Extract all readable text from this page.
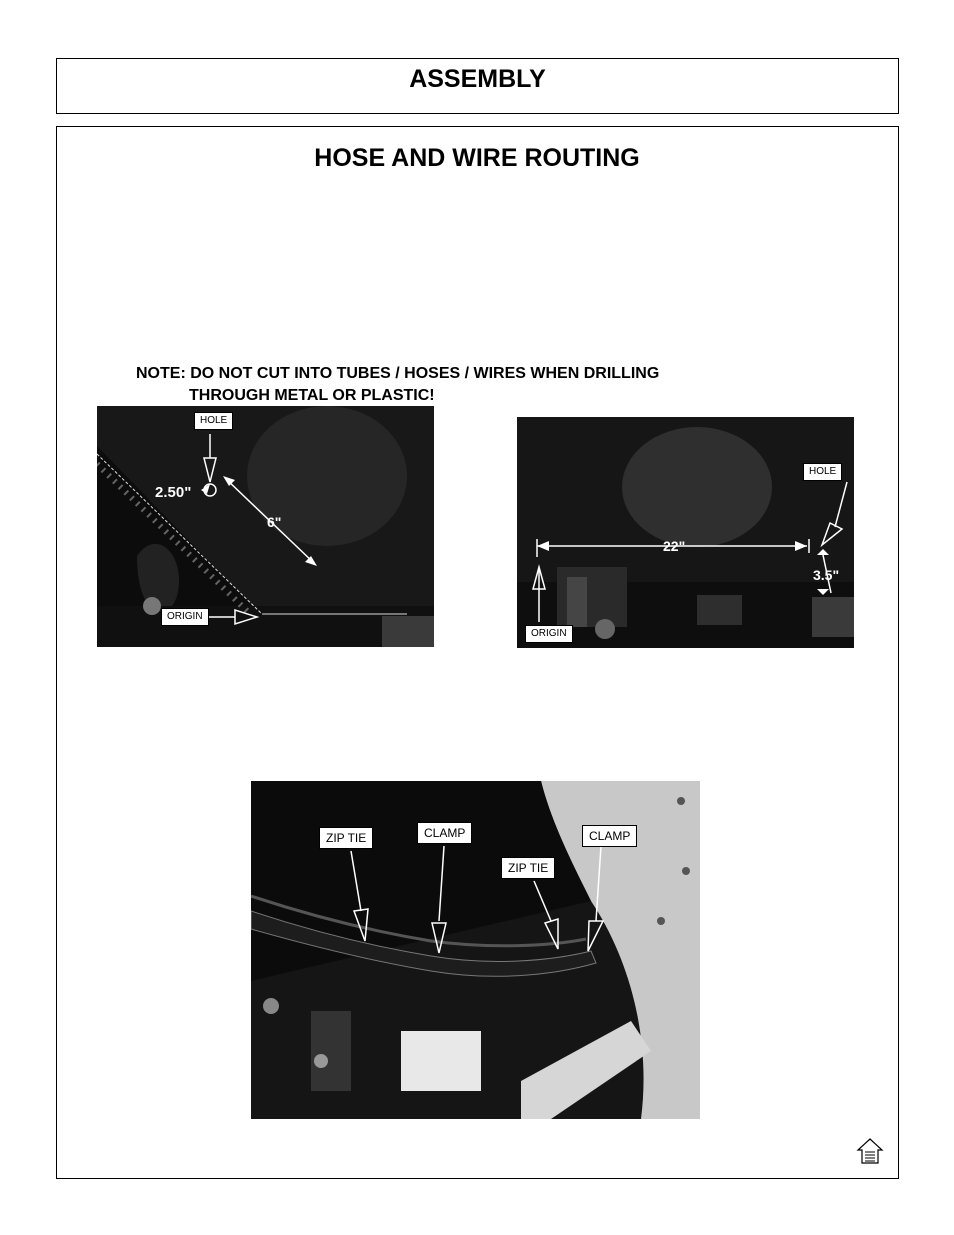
ASSEMBLY
HOSE AND WIRE ROUTING
NOTE: DO NOT CUT INTO TUBES / HOSES / WIRES WHEN DRILLING
THROUGH METAL OR PLASTIC!
HOLE
2.50"
6"
ORIGIN
HOLE
22"
3.5"
ORIGIN
ZIP TIE	CLAMP
ZIP TIE
CLAMP
